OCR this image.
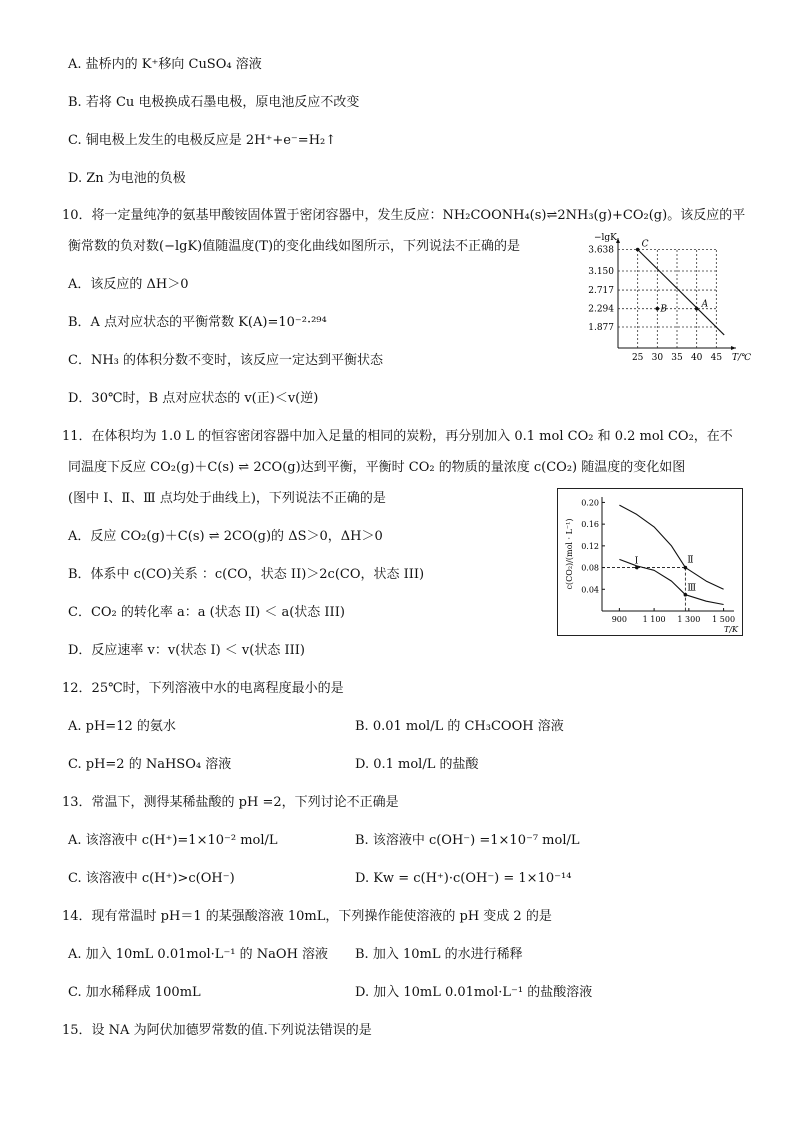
A. 盐桥内的 K⁺移向 CuSO₄ 溶液
B. 若将 Cu 电极换成石墨电极，原电池反应不改变
C. 铜电极上发生的电极反应是 2H⁺+e⁻=H₂↑
D. Zn 为电池的负极
10．将一定量纯净的氨基甲酸铵固体置于密闭容器中，发生反应：NH₂COONH₄(s)⇌2NH₃(g)+CO₂(g)。该反应的平
衡常数的负对数(−lgK)值随温度(T)的变化曲线如图所示，下列说法不正确的是
A．该反应的 ΔH＞0
B．A 点对应状态的平衡常数 K(A)=10⁻²·²⁹⁴
C．NH₃ 的体积分数不变时，该反应一定达到平衡状态
D．30℃时，B 点对应状态的 v(正)＜v(逆)
11．在体积均为 1.0 L 的恒容密闭容器中加入足量的相同的炭粉，再分别加入 0.1 mol CO₂ 和 0.2 mol CO₂，在不
同温度下反应 CO₂(g)＋C(s) ⇌ 2CO(g)达到平衡，平衡时 CO₂ 的物质的量浓度 c(CO₂) 随温度的变化如图
(图中 Ⅰ、Ⅱ、Ⅲ 点均处于曲线上)，下列说法不正确的是
A．反应 CO₂(g)＋C(s) ⇌ 2CO(g)的 ΔS＞0，ΔH＞0
B．体系中 c(CO)关系 ：c(CO，状态 II)＞2c(CO，状态 III)
C．CO₂ 的转化率 a：a (状态 II) ＜ a(状态 III)
D．反应速率 v：v(状态 I) ＜ v(状态 III)
12．25℃时，下列溶液中水的电离程度最小的是
A. pH=12 的氨水	B. 0.01 mol/L 的 CH₃COOH 溶液
C. pH=2 的 NaHSO₄ 溶液	D. 0.1 mol/L 的盐酸
13．常温下，测得某稀盐酸的 pH =2，下列讨论不正确是
A. 该溶液中 c(H⁺)=1×10⁻² mol/L	B. 该溶液中 c(OH⁻) =1×10⁻⁷ mol/L
C. 该溶液中 c(H⁺)>c(OH⁻)	D. Kw = c(H⁺)·c(OH⁻) = 1×10⁻¹⁴
14．现有常温时 pH＝1 的某强酸溶液 10mL，下列操作能使溶液的 pH 变成 2 的是
A. 加入 10mL 0.01mol·L⁻¹ 的 NaOH 溶液 B. 加入 10mL 的水进行稀释
C. 加水稀释成 100mL	D. 加入 10mL 0.01mol·L⁻¹ 的盐酸溶液
15．设 NA 为阿伏加德罗常数的值.下列说法错误的是
25 30 35 40 45
3.638
3.150
2.717
2.294
1.877
−lgK
T/℃
C
B	A
0.04
0.08
0.12
0.16
0.20
900 1 100 1 300 1 500
c(CO₂)/(mol · L⁻¹)
T/K
Ⅰ	Ⅱ
Ⅲ
